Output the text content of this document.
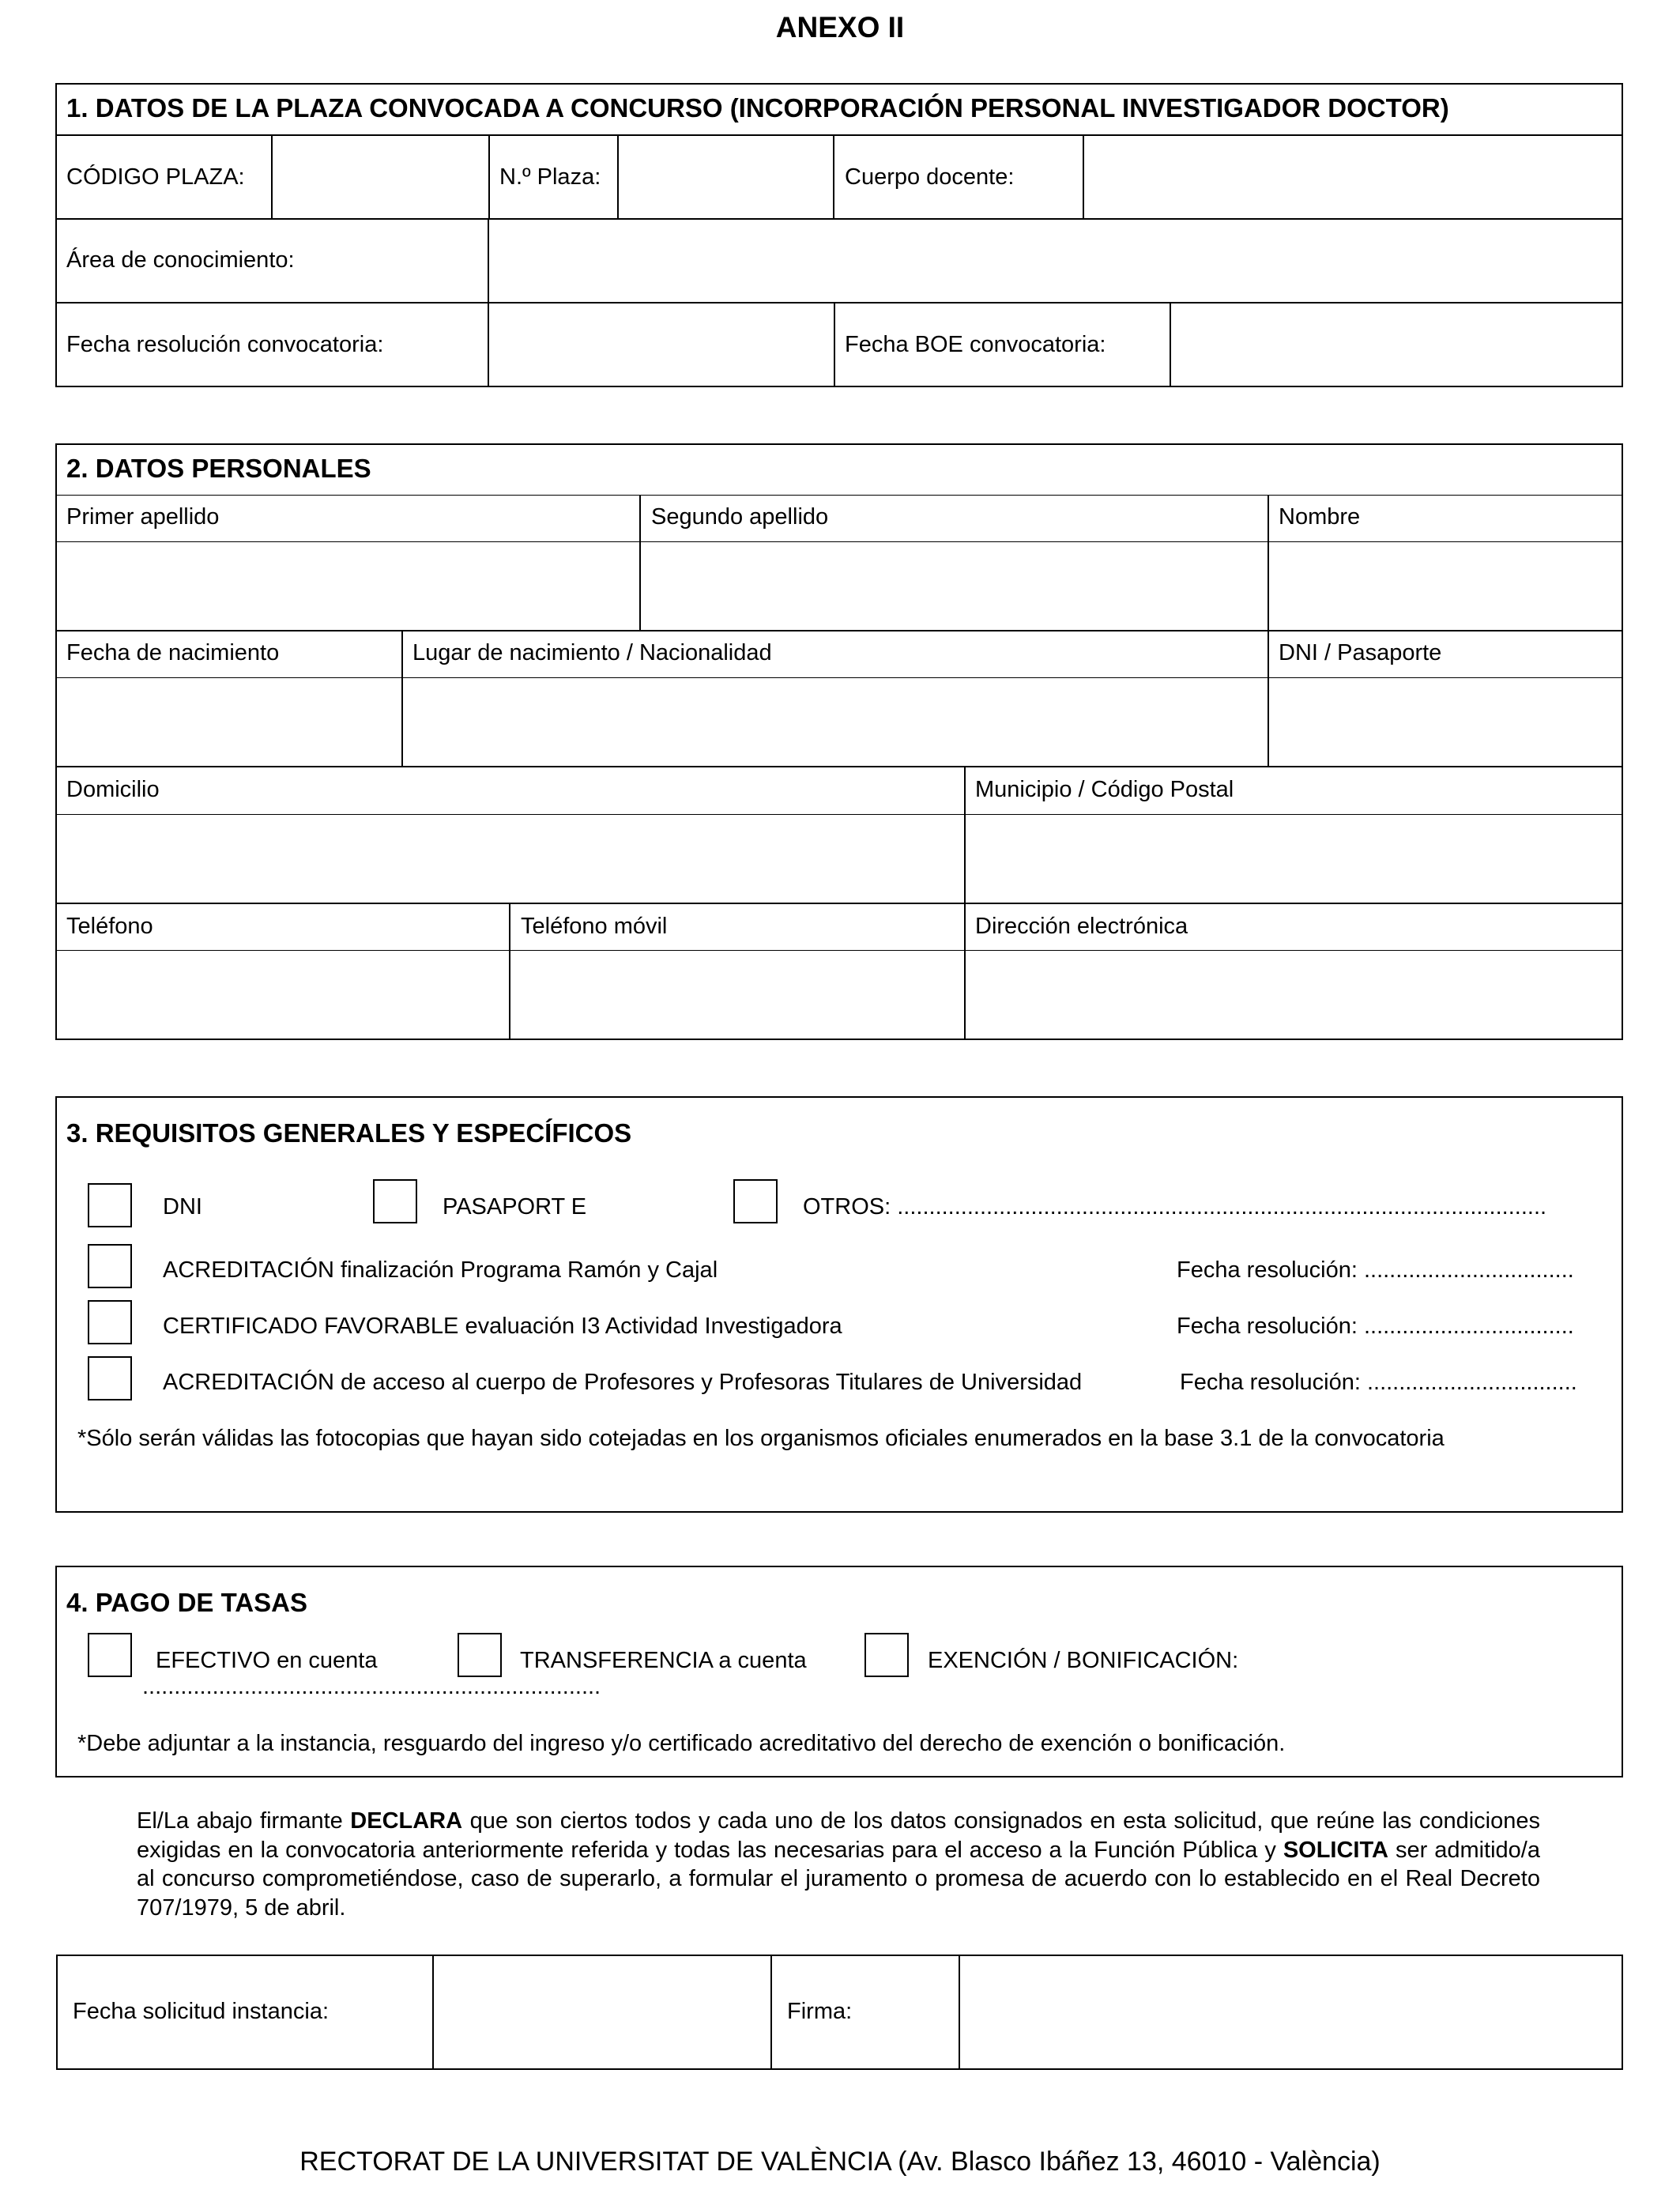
ANEXO II
1. DATOS DE LA PLAZA CONVOCADA A CONCURSO (INCORPORACIÓN PERSONAL INVESTIGADOR DOCTOR)
CÓDIGO PLAZA:	N.º Plaza:	Cuerpo docente:
Área de conocimiento:
Fecha resolución convocatoria:	Fecha BOE convocatoria:
2. DATOS PERSONALES
Primer apellido	Segundo apellido	Nombre
Fecha de nacimiento	Lugar de nacimiento / Nacionalidad	DNI / Pasaporte
Domicilio	Municipio / Código Postal
Teléfono	Teléfono móvil	Dirección electrónica
3. REQUISITOS GENERALES Y ESPECÍFICOS
DNI	PASAPORT E	OTROS: ......................................................................................................
ACREDITACIÓN finalización Programa Ramón y Cajal	Fecha resolución: .................................
CERTIFICADO FAVORABLE evaluación I3 Actividad Investigadora	Fecha resolución: .................................
ACREDITACIÓN de acceso al cuerpo de Profesores y Profesoras Titulares de Universidad	Fecha resolución: .................................
*Sólo serán válidas las fotocopias que hayan sido cotejadas en los organismos oficiales enumerados en la base 3.1 de la convocatoria
4. PAGO DE TASAS
EFECTIVO en cuenta	TRANSFERENCIA a cuenta	EXENCIÓN / BONIFICACIÓN:
........................................................................
*Debe adjuntar a la instancia, resguardo del ingreso y/o certificado acreditativo del derecho de exención o bonificación.
El/La abajo firmante DECLARA que son ciertos todos y cada uno de los datos consignados en esta solicitud, que reúne las condiciones exigidas en la convocatoria anteriormente referida y todas las necesarias para el acceso a la Función Pública y SOLICITA ser admitido/a al concurso comprometiéndose, caso de superarlo, a formular el juramento o promesa de acuerdo con lo establecido en el Real Decreto 707/1979, 5 de abril.
Fecha solicitud instancia:	Firma:
RECTORAT DE LA UNIVERSITAT DE VALÈNCIA (Av. Blasco Ibáñez 13, 46010 - València)
